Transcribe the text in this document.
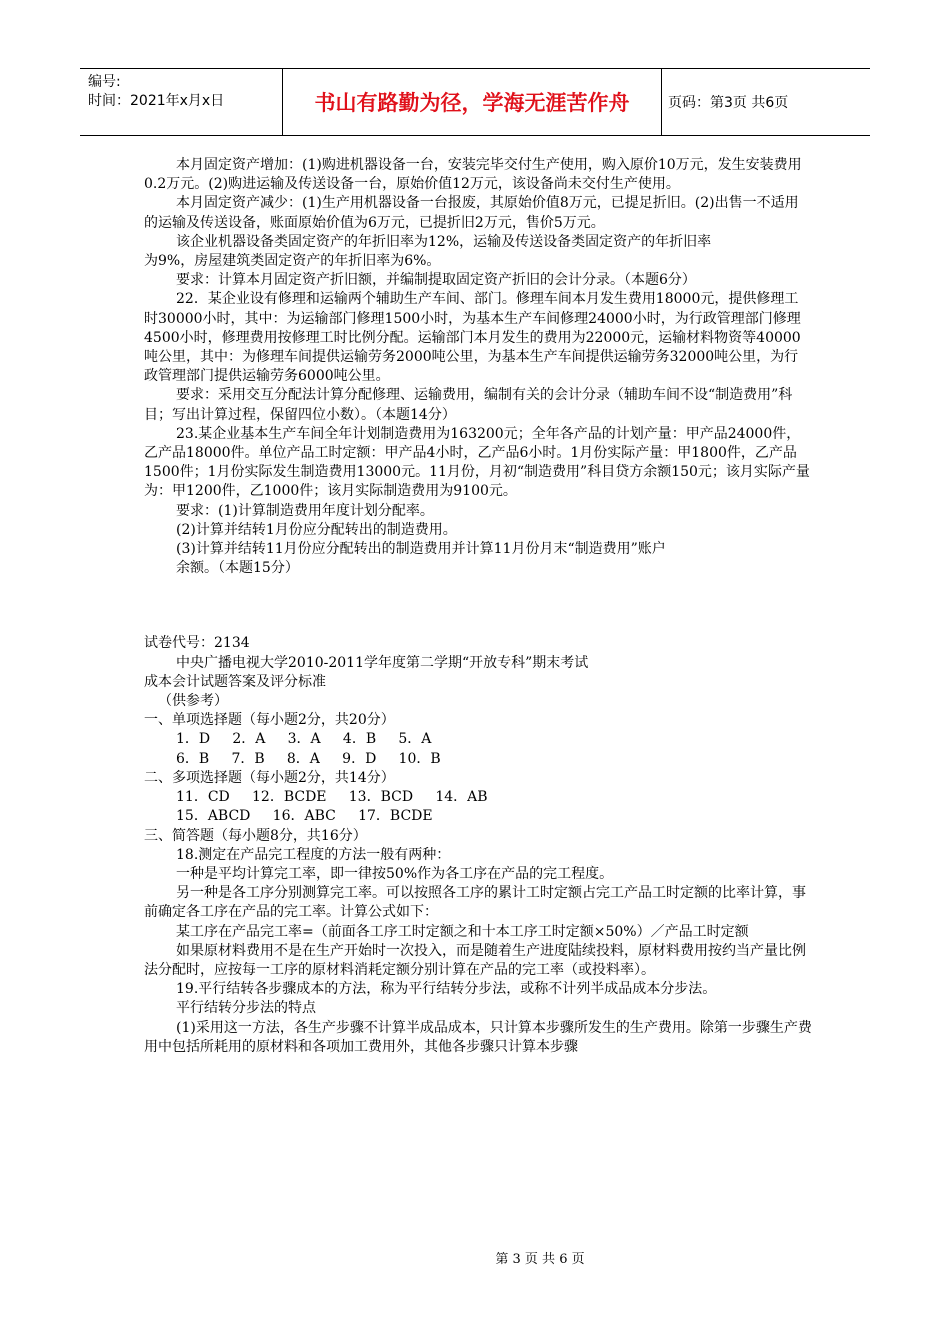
编号:
时间：2021年x月x日	书山有路勤为径，学海无涯苦作舟	页码：第3页 共6页

本月固定资产增加：(1)购进机器设备一台，安装完毕交付生产使用，购入原价10万元，发生安装费用0.2万元。(2)购进运输及传送设备一台，原始价值12万元，该设备尚未交付生产使用。

本月固定资产减少：(1)生产用机器设备一台报废，其原始价值8万元，已提足折旧。(2)出售一不适用的运输及传送设备，账面原始价值为6万元，已提折旧2万元，售价5万元。

该企业机器设备类固定资产的年折旧率为12%，运输及传送设备类固定资产的年折旧率

为9%，房屋建筑类固定资产的年折旧率为6%。

要求：计算本月固定资产折旧额，并编制提取固定资产折旧的会计分录。（本题6分）

22．某企业设有修理和运输两个辅助生产车间、部门。修理车间本月发生费用18000元，提供修理工时30000小时，其中：为运输部门修理1500小时，为基本生产车间修理24000小时，为行政管理部门修理4500小时，修理费用按修理工时比例分配。运输部门本月发生的费用为22000元，运输材料物资等40000吨公里，其中：为修理车间提供运输劳务2000吨公里，为基本生产车间提供运输劳务32000吨公里，为行政管理部门提供运输劳务6000吨公里。

要求：采用交互分配法计算分配修理、运输费用，编制有关的会计分录（辅助车间不设“制造费用”科目；写出计算过程，保留四位小数）。（本题14分）

23.某企业基本生产车间全年计划制造费用为163200元；全年各产品的计划产量：甲产品24000件，乙产品18000件。单位产品工时定额：甲产品4小时，乙产品6小时。1月份实际产量：甲1800件，乙产品1500件；1月份实际发生制造费用13000元。11月份，月初“制造费用”科目贷方余额150元；该月实际产量为：甲1200件，乙1000件；该月实际制造费用为9100元。

要求：(1)计算制造费用年度计划分配率。

(2)计算并结转1月份应分配转出的制造费用。

(3)计算并结转11月份应分配转出的制造费用并计算11月份月末“制造费用”账户

余额。（本题15分）

试卷代号：2134

中央广播电视大学2010-2011学年度第二学期“开放专科”期末考试

成本会计试题答案及评分标准

（供参考）

一、单项选择题（每小题2分，共20分）

1．D     2．A     3．A     4．B     5．A

6．B     7．B     8．A     9．D     10．B

二、多项选择题（每小题2分，共14分）

11．CD     12．BCDE     13．BCD     14．AB

15．ABCD     16．ABC     17．BCDE

三、简答题（每小题8分，共16分）

18.测定在产品完工程度的方法一般有两种：

一种是平均计算完工率，即一律按50%作为各工序在产品的完工程度。

另一种是各工序分别测算完工率。可以按照各工序的累计工时定额占完工产品工时定额的比率计算，事前确定各工序在产品的完工率。计算公式如下：

某工序在产品完工率=（前面各工序工时定额之和十本工序工时定额×50%）／产品工时定额

如果原材料费用不是在生产开始时一次投入，而是随着生产进度陆续投料，原材料费用按约当产量比例法分配时，应按每一工序的原材料消耗定额分别计算在产品的完工率（或投料率）。

19.平行结转各步骤成本的方法，称为平行结转分步法，或称不计列半成品成本分步法。

平行结转分步法的特点

(1)采用这一方法，各生产步骤不计算半成品成本，只计算本步骤所发生的生产费用。除第一步骤生产费用中包括所耗用的原材料和各项加工费用外，其他各步骤只计算本步骤

第 3 页 共 6 页
